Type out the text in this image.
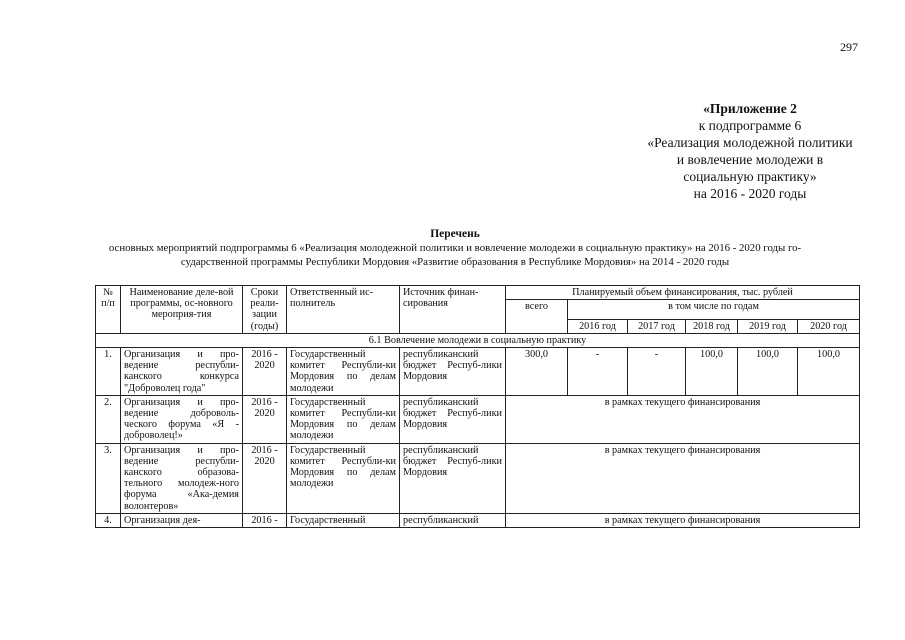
297
«Приложение 2
к подпрограмме 6
«Реализация молодежной политики
и вовлечение молодежи в
социальную практику»
на 2016 - 2020 годы
Перечень
основных мероприятий подпрограммы 6 «Реализация молодежной политики и вовлечение молодежи в социальную практику» на 2016 - 2020 годы го-
сударственной программы Республики Мордовия «Развитие образования в Республике Мордовия» на 2014 - 2020 годы
№ п/п	Наименование деле-вой программы, ос-новного мероприя-тия	Сроки реали-зации (годы)	Ответственный ис-полнитель	Источник финан-сирования	Планируемый объем финансирования, тыс. рублей					
					всего	в том числе по годам				
						2016 год	2017 год	2018 год	2019 год	2020 год
6.1 Вовлечение молодежи в социальную практику										
1.	Организация и про-ведение республи-канского конкурса "Доброволец года"	2016 - 2020	Государственный комитет Республи-ки Мордовия по делам молодежи	республиканский бюджет Респуб-лики Мордовия	300,0	-	-	100,0	100,0	100,0
2.	Организация и про-ведение доброволь-ческого форума «Я - доброволец!»	2016 - 2020	Государственный комитет Республи-ки Мордовия по делам молодежи	республиканский бюджет Респуб-лики Мордовия	в рамках текущего финансирования					
3.	Организация и про-ведение республи-канского образова-тельного молодеж-ного форума «Ака-демия волонтеров»	2016 - 2020	Государственный комитет Республи-ки Мордовия по делам молодежи	республиканский бюджет Респуб-лики Мордовия	в рамках текущего финансирования					
4.	Организация дея-	2016 -	Государственный	республиканский	в рамках текущего финансирования					
